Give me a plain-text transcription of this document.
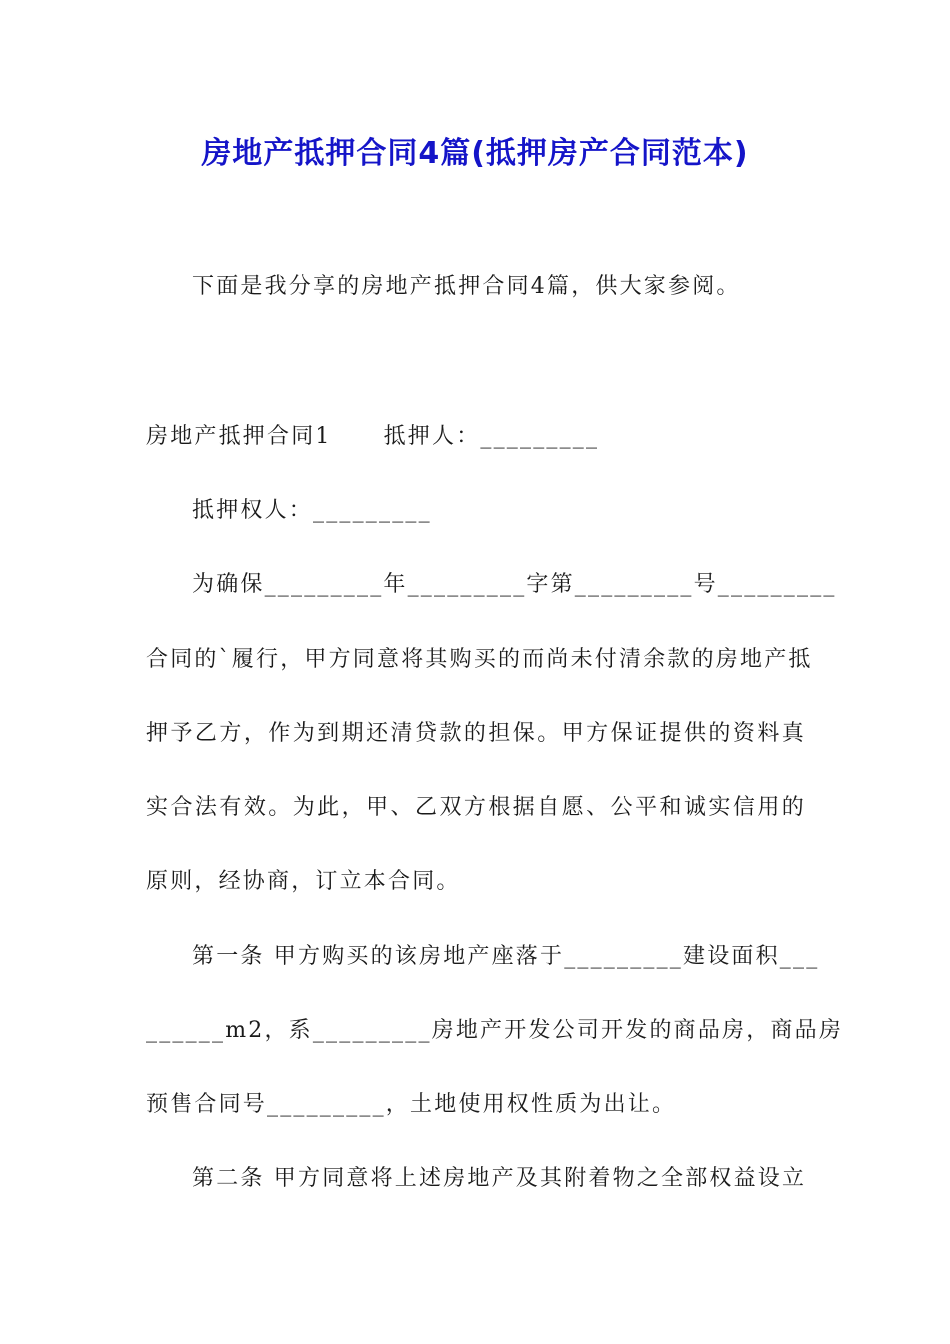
房地产抵押合同4篇(抵押房产合同范本)
下面是我分享的房地产抵押合同4篇，供大家参阅。
房地产抵押合同1 抵押人：_________
抵押权人：_________
为确保_________年_________字第_________号_________
合同的`履行，甲方同意将其购买的而尚未付清余款的房地产抵
押予乙方，作为到期还清贷款的担保。甲方保证提供的资料真
实合法有效。为此，甲、乙双方根据自愿、公平和诚实信用的
原则，经协商，订立本合同。
第一条 甲方购买的该房地产座落于_________建设面积___
______m2，系_________房地产开发公司开发的商品房，商品房
预售合同号_________，土地使用权性质为出让。
第二条 甲方同意将上述房地产及其附着物之全部权益设立
